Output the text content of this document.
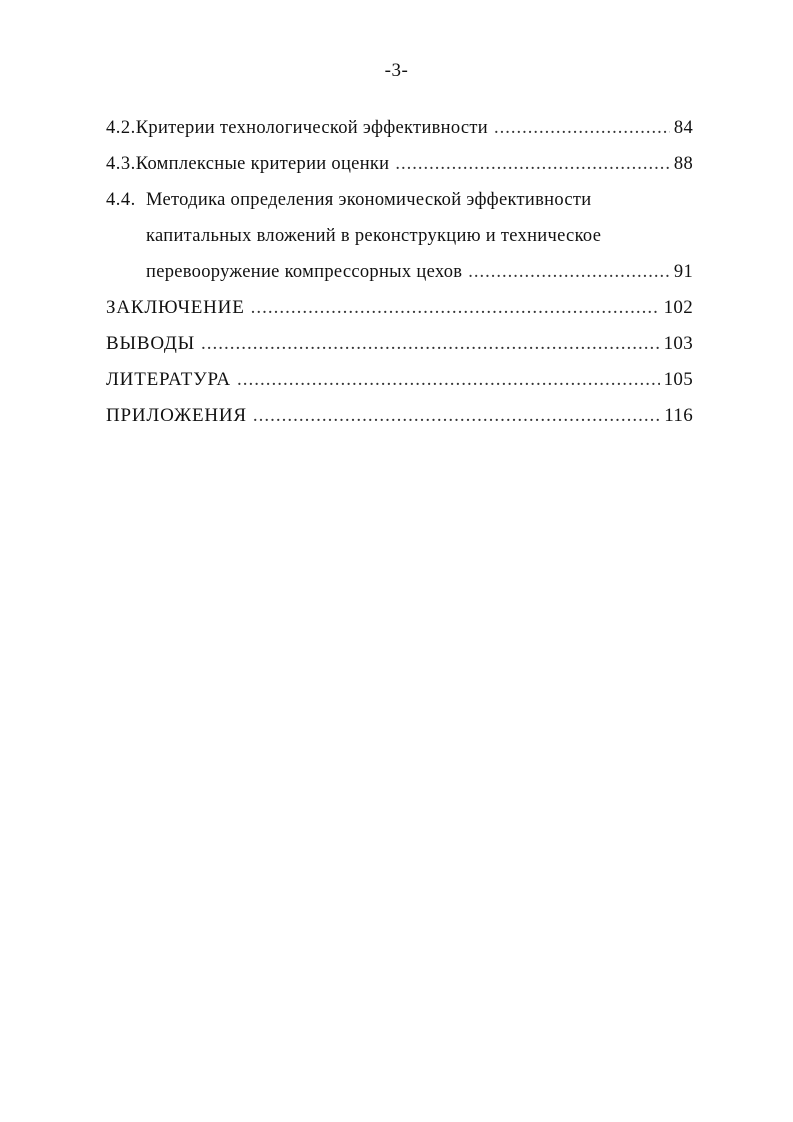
-3-
4.2. Критерии технологической эффективности .....	84
4.3. Комплексные критерии оценки .....	88
4.4. Методика определения экономической эффективности
капитальных вложений в реконструкцию и техническое
перевооружение компрессорных цехов .....	91
ЗАКЛЮЧЕНИЕ .....	102
ВЫВОДЫ .....	103
ЛИТЕРАТУРА .....	105
ПРИЛОЖЕНИЯ .....	116
